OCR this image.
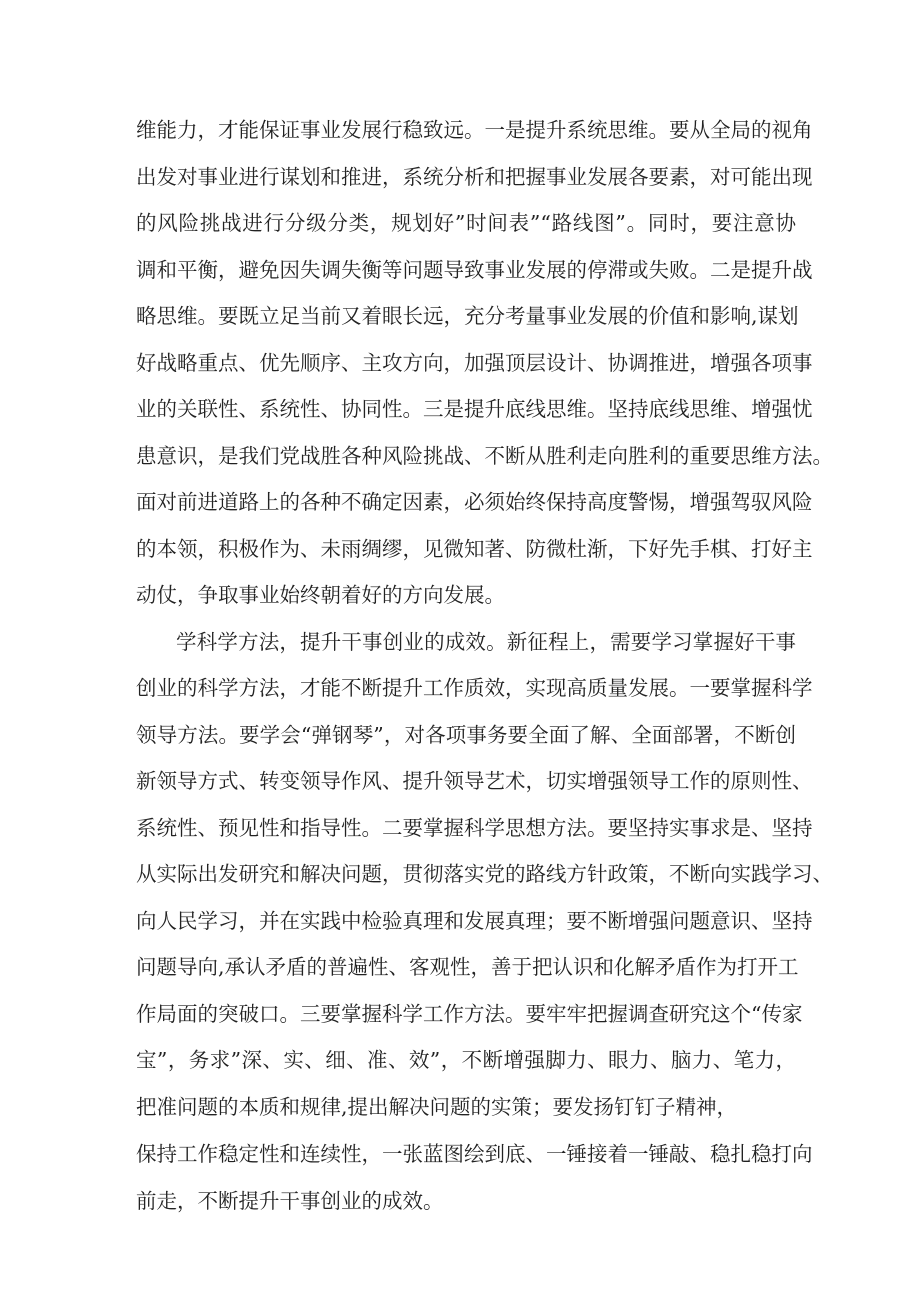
维能力，才能保证事业发展行稳致远。一是提升系统思维。要从全局的视角
出发对事业进行谋划和推进，系统分析和把握事业发展各要素，对可能出现
的风险挑战进行分级分类，规划好”时间表”“路线图”。同时，要注意协
调和平衡，避免因失调失衡等问题导致事业发展的停滞或失败。二是提升战
略思维。要既立足当前又着眼长远，充分考量事业发展的价值和影响,谋划
好战略重点、优先顺序、主攻方向，加强顶层设计、协调推进，增强各项事
业的关联性、系统性、协同性。三是提升底线思维。坚持底线思维、增强忧
患意识，是我们党战胜各种风险挑战、不断从胜利走向胜利的重要思维方法。
面对前进道路上的各种不确定因素，必须始终保持高度警惕，增强驾驭风险
的本领，积极作为、未雨绸缪，见微知著、防微杜渐，下好先手棋、打好主
动仗，争取事业始终朝着好的方向发展。
学科学方法，提升干事创业的成效。新征程上，需要学习掌握好干事
创业的科学方法，才能不断提升工作质效，实现高质量发展。一要掌握科学
领导方法。要学会“弹钢琴”，对各项事务要全面了解、全面部署，不断创
新领导方式、转变领导作风、提升领导艺术，切实增强领导工作的原则性、
系统性、预见性和指导性。二要掌握科学思想方法。要坚持实事求是、坚持
从实际出发研究和解决问题，贯彻落实党的路线方针政策，不断向实践学习、
向人民学习，并在实践中检验真理和发展真理；要不断增强问题意识、坚持
问题导向,承认矛盾的普遍性、客观性，善于把认识和化解矛盾作为打开工
作局面的突破口。三要掌握科学工作方法。要牢牢把握调查研究这个“传家
宝”，务求”深、实、细、准、效”，不断增强脚力、眼力、脑力、笔力，
把准问题的本质和规律,提出解决问题的实策；要发扬钉钉子精神，
保持工作稳定性和连续性，一张蓝图绘到底、一锤接着一锤敲、稳扎稳打向
前走，不断提升干事创业的成效。
